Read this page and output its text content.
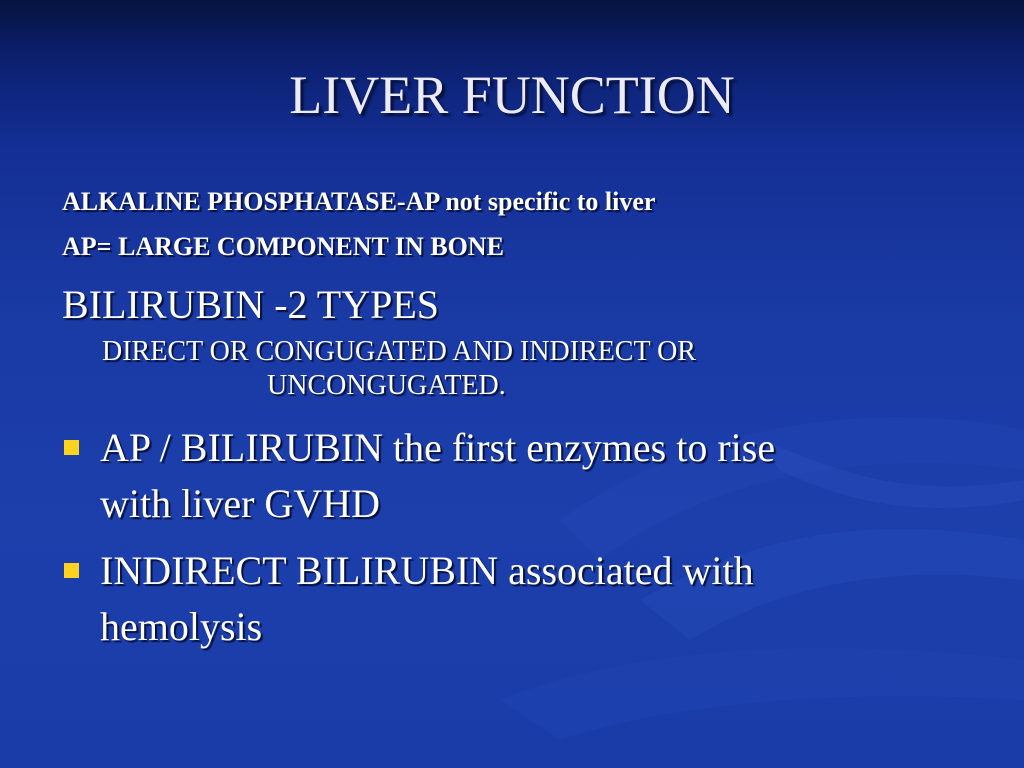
LIVER FUNCTION
ALKALINE PHOSPHATASE-AP not specific to liver
AP= LARGE COMPONENT IN BONE
BILIRUBIN -2 TYPES
DIRECT OR CONGUGATED AND INDIRECT OR
UNCONGUGATED.
AP / BILIRUBIN the first enzymes to rise
with liver GVHD
INDIRECT BILIRUBIN associated with
hemolysis
